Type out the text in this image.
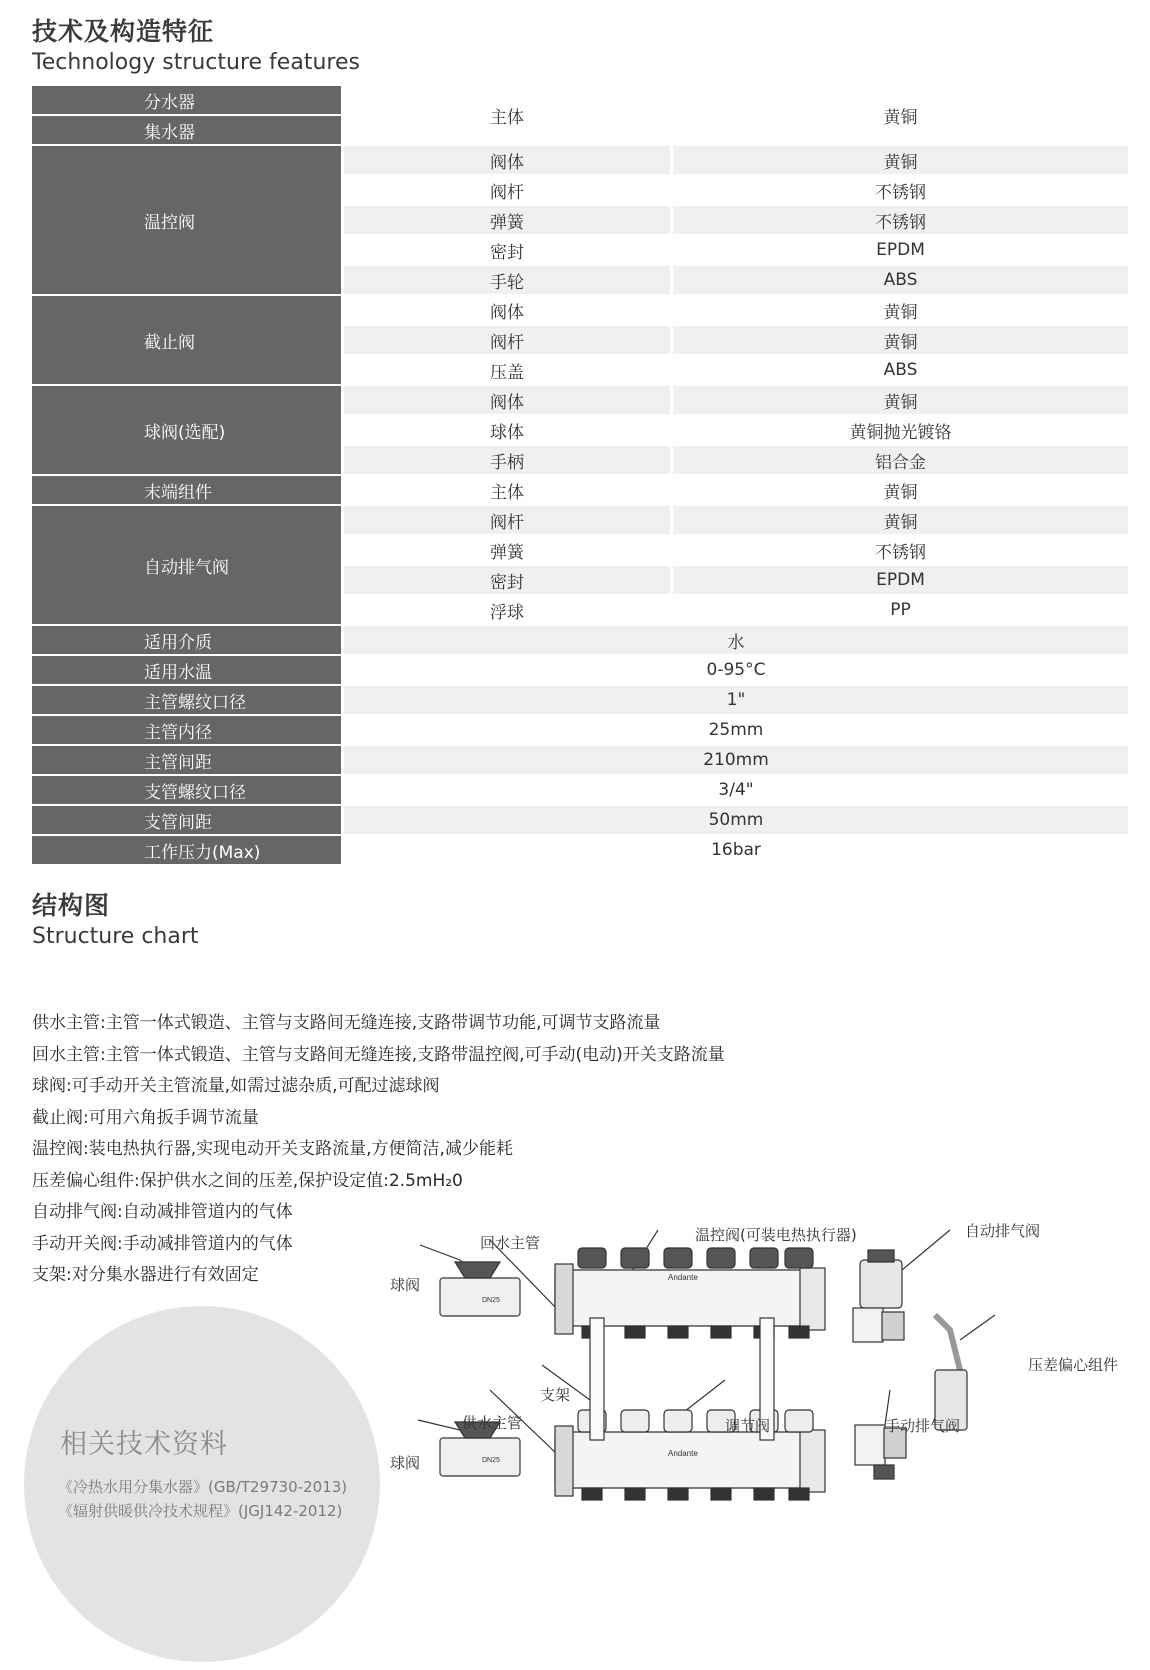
技术及构造特征
Technology structure features
分水器
集水器
主体	黄铜
温控阀
阀体	黄铜
阀杆	不锈钢
弹簧	不锈钢
密封	EPDM
手轮	ABS
截止阀
阀体	黄铜
阀杆	黄铜
压盖	ABS
球阀(选配)
阀体	黄铜
球体	黄铜抛光镀铬
手柄	铝合金
末端组件	主体	黄铜
自动排气阀
阀杆	黄铜
弹簧	不锈钢
密封	EPDM
浮球	PP
适用介质	水
适用水温	0-95°C
主管螺纹口径	1"
主管内径	25mm
主管间距	210mm
支管螺纹口径	3/4"
支管间距	50mm
工作压力(Max)	16bar
结构图
Structure chart
供水主管:主管一体式锻造、主管与支路间无缝连接,支路带调节功能,可调节支路流量
回水主管:主管一体式锻造、主管与支路间无缝连接,支路带温控阀,可手动(电动)开关支路流量
球阀:可手动开关主管流量,如需过滤杂质,可配过滤球阀
截止阀:可用六角扳手调节流量
温控阀:装电热执行器,实现电动开关支路流量,方便简洁,减少能耗
压差偏心组件:保护供水之间的压差,保护设定值:2.5mH₂0
自动排气阀:自动减排管道内的气体
手动开关阀:手动减排管道内的气体
支架:对分集水器进行有效固定
相关技术资料
《冷热水用分集水器》(GB/T29730-2013)
《辐射供暖供冷技术规程》(JGJ142-2012)
Andante
Andante
DN25
DN25
回水主管	温控阀(可装电热执行器)	自动排气阀
球阀
压差偏心组件
支架
供水主管	调节阀	手动排气阀
球阀
